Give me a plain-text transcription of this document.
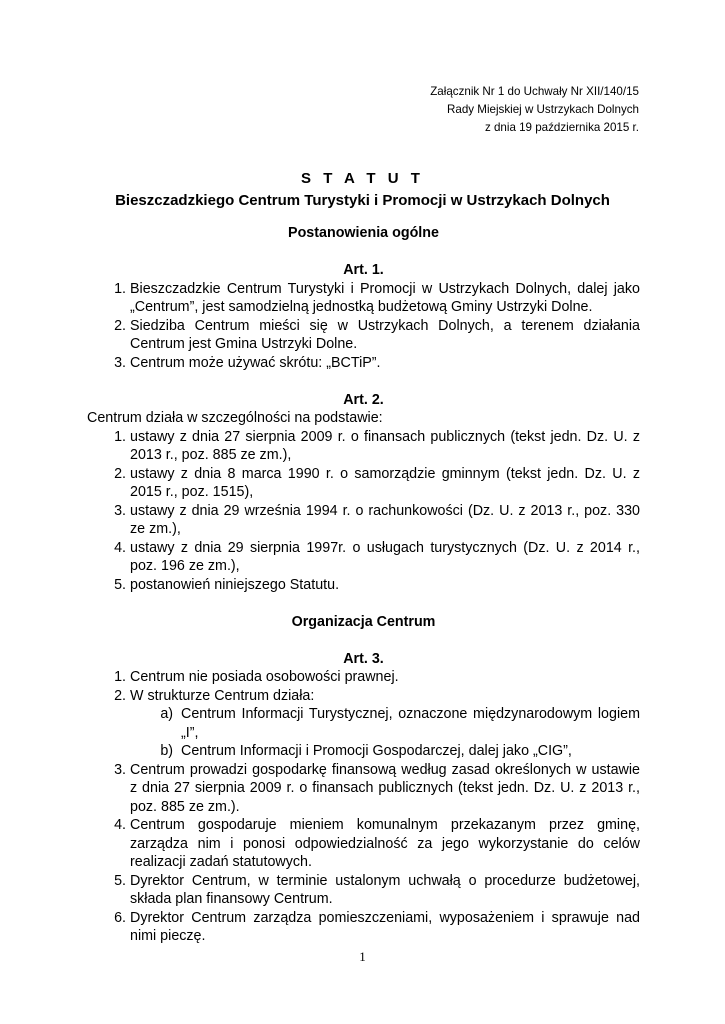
Załącznik Nr 1 do Uchwały Nr XII/140/15
Rady Miejskiej w Ustrzykach Dolnych
z dnia 19 października 2015 r.
S T A T U T
Bieszczadzkiego Centrum Turystyki i Promocji w Ustrzykach Dolnych

Postanowienia ogólne

Art. 1.

1. Bieszczadzkie Centrum Turystyki i Promocji w Ustrzykach Dolnych, dalej jako „Centrum”, jest samodzielną jednostką budżetową Gminy Ustrzyki Dolne.
2. Siedziba Centrum mieści się w Ustrzykach Dolnych, a terenem działania Centrum jest Gmina Ustrzyki Dolne.
3. Centrum może używać skrótu: „BCTiP”.

Art. 2.

Centrum działa w szczególności na podstawie:

1. ustawy z dnia 27 sierpnia 2009 r. o finansach publicznych (tekst jedn. Dz. U. z 2013 r., poz. 885 ze zm.),
2. ustawy z dnia 8 marca 1990 r. o samorządzie gminnym (tekst jedn. Dz. U. z 2015 r., poz. 1515),
3. ustawy z dnia 29 września 1994 r. o rachunkowości (Dz. U. z 2013 r., poz. 330 ze zm.),
4. ustawy z dnia 29 sierpnia 1997r. o usługach turystycznych (Dz. U. z 2014 r., poz. 196 ze zm.),
5. postanowień niniejszego Statutu.

Organizacja Centrum

Art. 3.

1. Centrum nie posiada osobowości prawnej.
2. W strukturze Centrum działa:
a. Centrum Informacji Turystycznej, oznaczone międzynarodowym logiem „I”,
b. Centrum Informacji i Promocji Gospodarczej, dalej jako „CIG”,
3. Centrum prowadzi gospodarkę finansową według zasad określonych w ustawie z dnia 27 sierpnia 2009 r. o finansach publicznych (tekst jedn. Dz. U. z 2013 r., poz. 885 ze zm.).
4. Centrum gospodaruje mieniem komunalnym przekazanym przez gminę, zarządza nim i ponosi odpowiedzialność za jego wykorzystanie do celów realizacji zadań statutowych.
5. Dyrektor Centrum, w terminie ustalonym uchwałą o procedurze budżetowej, składa plan finansowy Centrum.
6. Dyrektor Centrum zarządza pomieszczeniami, wyposażeniem i sprawuje nad nimi pieczę.
1
